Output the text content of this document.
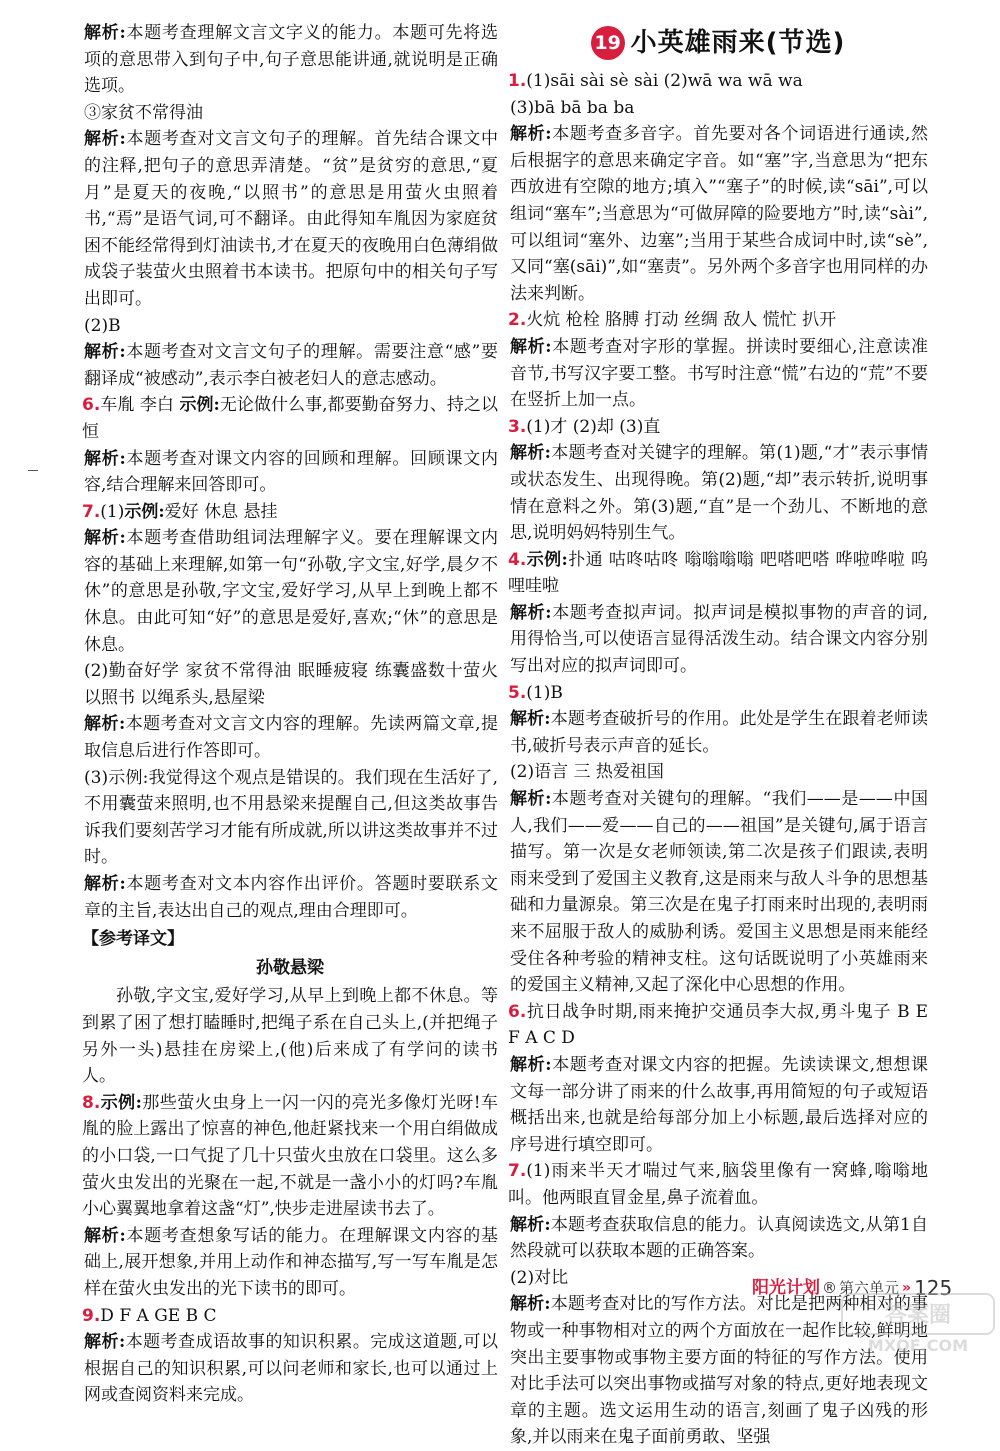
解析:本题考查理解文言文字义的能力。本题可先将选项的意思带入到句子中,句子意思能讲通,就说明是正确选项。

③家贫不常得油

解析:本题考查对文言文句子的理解。首先结合课文中的注释,把句子的意思弄清楚。“贫”是贫穷的意思,“夏月”是夏天的夜晚,“以照书”的意思是用萤火虫照着书,“焉”是语气词,可不翻译。由此得知车胤因为家庭贫困不能经常得到灯油读书,才在夏天的夜晚用白色薄绢做成袋子装萤火虫照着书本读书。把原句中的相关句子写出即可。

(2)B

解析:本题考查对文言文句子的理解。需要注意“感”要翻译成“被感动”,表示李白被老妇人的意志感动。

6.车胤 李白 示例:无论做什么事,都要勤奋努力、持之以恒

解析:本题考查对课文内容的回顾和理解。回顾课文内容,结合理解来回答即可。

7.(1)示例:爱好 休息 悬挂

解析:本题考查借助组词法理解字义。要在理解课文内容的基础上来理解,如第一句“孙敬,字文宝,好学,晨夕不休”的意思是孙敬,字文宝,爱好学习,从早上到晚上都不休息。由此可知“好”的意思是爱好,喜欢;“休”的意思是休息。

(2)勤奋好学 家贫不常得油 眠睡疲寝 练囊盛数十萤火以照书 以绳系头,悬屋梁

解析:本题考查对文言文内容的理解。先读两篇文章,提取信息后进行作答即可。

(3)示例:我觉得这个观点是错误的。我们现在生活好了,不用囊萤来照明,也不用悬梁来提醒自己,但这类故事告诉我们要刻苦学习才能有所成就,所以讲这类故事并不过时。

解析:本题考查对文本内容作出评价。答题时要联系文章的主旨,表达出自己的观点,理由合理即可。

【参考译文】

孙敬悬梁

孙敬,字文宝,爱好学习,从早上到晚上都不休息。等到累了困了想打瞌睡时,把绳子系在自己头上,(并把绳子另外一头)悬挂在房梁上,(他)后来成了有学问的读书人。

8.示例:那些萤火虫身上一闪一闪的亮光多像灯光呀!车胤的脸上露出了惊喜的神色,他赶紧找来一个用白绢做成的小口袋,一口气捉了几十只萤火虫放在口袋里。这么多萤火虫发出的光聚在一起,不就是一盏小小的灯吗?车胤小心翼翼地拿着这盏“灯”,快步走进屋读书去了。

解析:本题考查想象写话的能力。在理解课文内容的基础上,展开想象,并用上动作和神态描写,写一写车胤是怎样在萤火虫发出的光下读书的即可。

9.D F A GE B C

解析:本题考查成语故事的知识积累。完成这道题,可以根据自己的知识积累,可以问老师和家长,也可以通过上网或查阅资料来完成。

19 小英雄雨来(节选)

1.(1)sāi sài sè sài (2)wā wa wā wa

(3)bā bā ba ba

解析:本题考查多音字。首先要对各个词语进行通读,然后根据字的意思来确定字音。如“塞”字,当意思为“把东西放进有空隙的地方;填入”“塞子”的时候,读“sāi”,可以组词“塞车”;当意思为“可做屏障的险要地方”时,读“sài”,可以组词“塞外、边塞”;当用于某些合成词中时,读“sè”,又同“塞(sāi)”,如“塞责”。另外两个多音字也用同样的办法来判断。

2.火炕 枪栓 胳膊 打动 丝绸 敌人 慌忙 扒开

解析:本题考查对字形的掌握。拼读时要细心,注意读准音节,书写汉字要工整。书写时注意“慌”右边的“荒”不要在竖折上加一点。

3.(1)才 (2)却 (3)直

解析:本题考查对关键字的理解。第(1)题,“才”表示事情或状态发生、出现得晚。第(2)题,“却”表示转折,说明事情在意料之外。第(3)题,“直”是一个劲儿、不断地的意思,说明妈妈特别生气。

4.示例:扑通 咕咚咕咚 嗡嗡嗡嗡 吧嗒吧嗒 哗啦哗啦 呜哩哇啦

解析:本题考查拟声词。拟声词是模拟事物的声音的词,用得恰当,可以使语言显得活泼生动。结合课文内容分别写出对应的拟声词即可。

5.(1)B

解析:本题考查破折号的作用。此处是学生在跟着老师读书,破折号表示声音的延长。

(2)语言 三 热爱祖国

解析:本题考查对关键句的理解。“我们——是——中国人,我们——爱——自己的——祖国”是关键句,属于语言描写。第一次是女老师领读,第二次是孩子们跟读,表明雨来受到了爱国主义教育,这是雨来与敌人斗争的思想基础和力量源泉。第三次是在鬼子打雨来时出现的,表明雨来不屈服于敌人的威胁利诱。爱国主义思想是雨来能经受住各种考验的精神支柱。这句话既说明了小英雄雨来的爱国主义精神,又起了深化中心思想的作用。

6.抗日战争时期,雨来掩护交通员李大叔,勇斗鬼子 B E F A C D

解析:本题考查对课文内容的把握。先读读课文,想想课文每一部分讲了雨来的什么故事,再用简短的句子或短语概括出来,也就是给每部分加上小标题,最后选择对应的序号进行填空即可。

7.(1)雨来半天才喘过气来,脑袋里像有一窝蜂,嗡嗡地叫。他两眼直冒金星,鼻子流着血。

解析:本题考查获取信息的能力。认真阅读选文,从第1自然段就可以获取本题的正确答案。

(2)对比

解析:本题考查对比的写作方法。对比是把两种相对的事物或一种事物相对立的两个方面放在一起作比较,鲜明地突出主要事物或事物主要方面的特征的写作方法。使用对比手法可以突出事物或描写对象的特点,更好地表现文章的主题。选文运用生动的语言,刻画了鬼子凶残的形象,并以雨来在鬼子面前勇敢、坚强

阳光计划 ® 第六单元 » 125
答案圈
MXQE.COM
